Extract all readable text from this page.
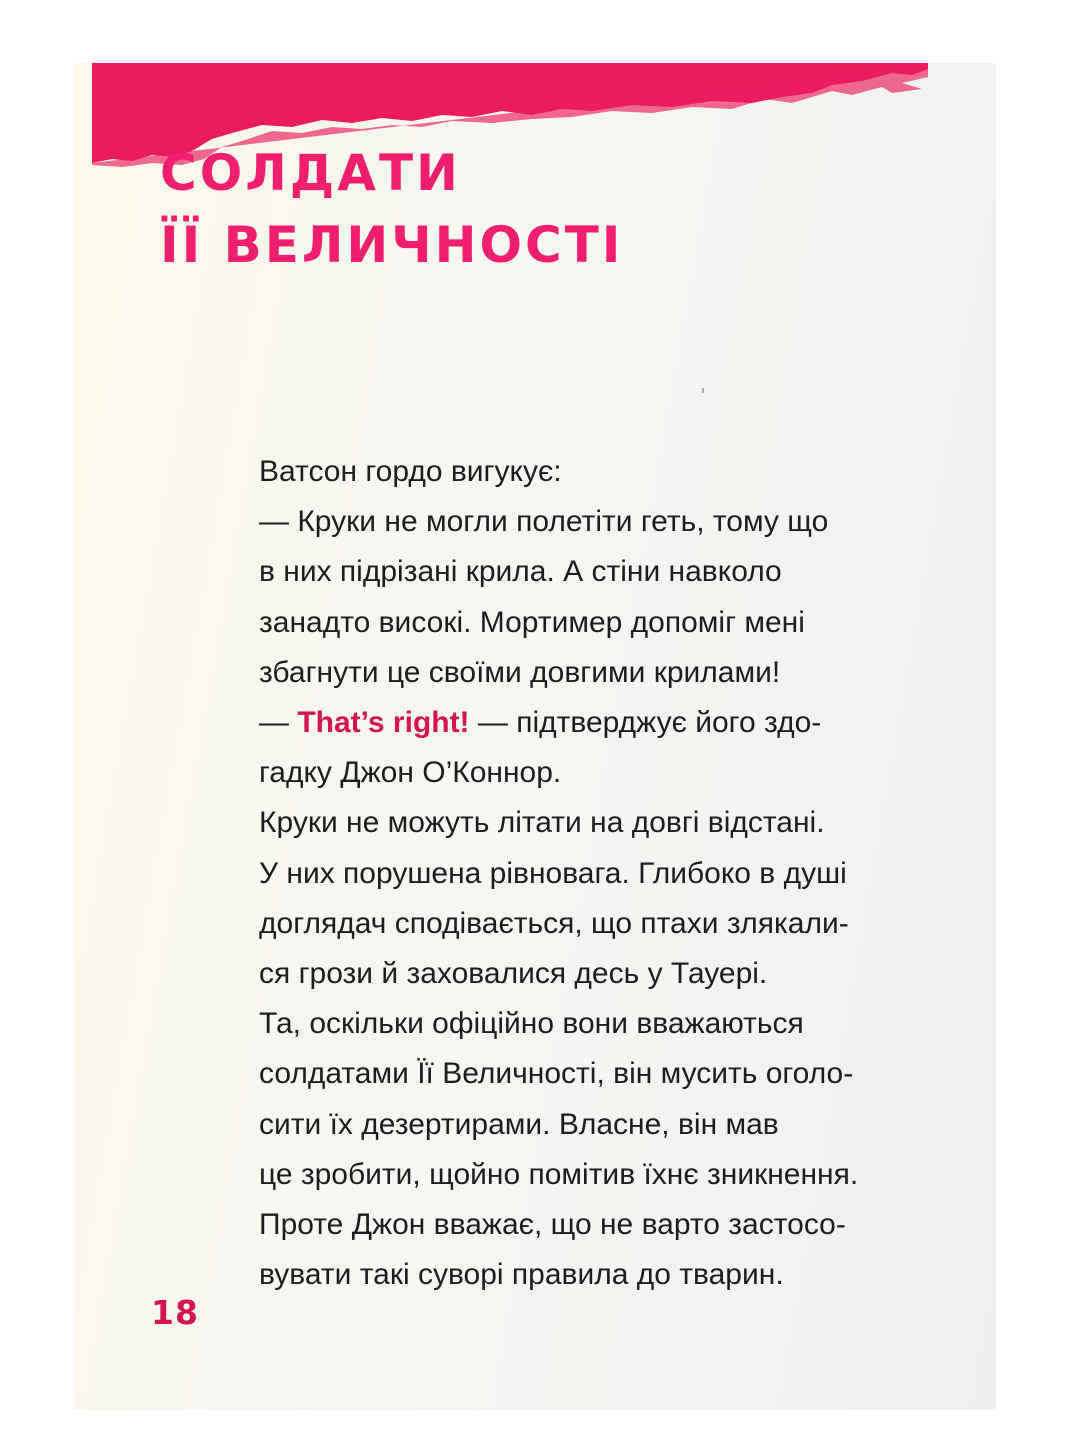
СОЛДАТИ
ЇЇ ВЕЛИЧНОСТІ

Ватсон гордо вигукує:

— Круки не могли полетіти геть, тому що

в них підрізані крила. А стіни навколо

занадто високі. Мортимер допоміг мені

збагнути це своїми довгими крилами!

— That’s right! — підтверджує його здо-

гадку Джон О’Коннор.

Круки не можуть літати на довгі відстані.

У них порушена рівновага. Глибоко в душі

доглядач сподівається, що птахи злякали-

ся грози й заховалися десь у Тауері.

Та, оскільки офіційно вони вважаються

солдатами Її Величності, він мусить оголо-

сити їх дезертирами. Власне, він мав

це зробити, щойно помітив їхнє зникнення.

Проте Джон вважає, що не варто застосо-

вувати такі суворі правила до тварин.

18
